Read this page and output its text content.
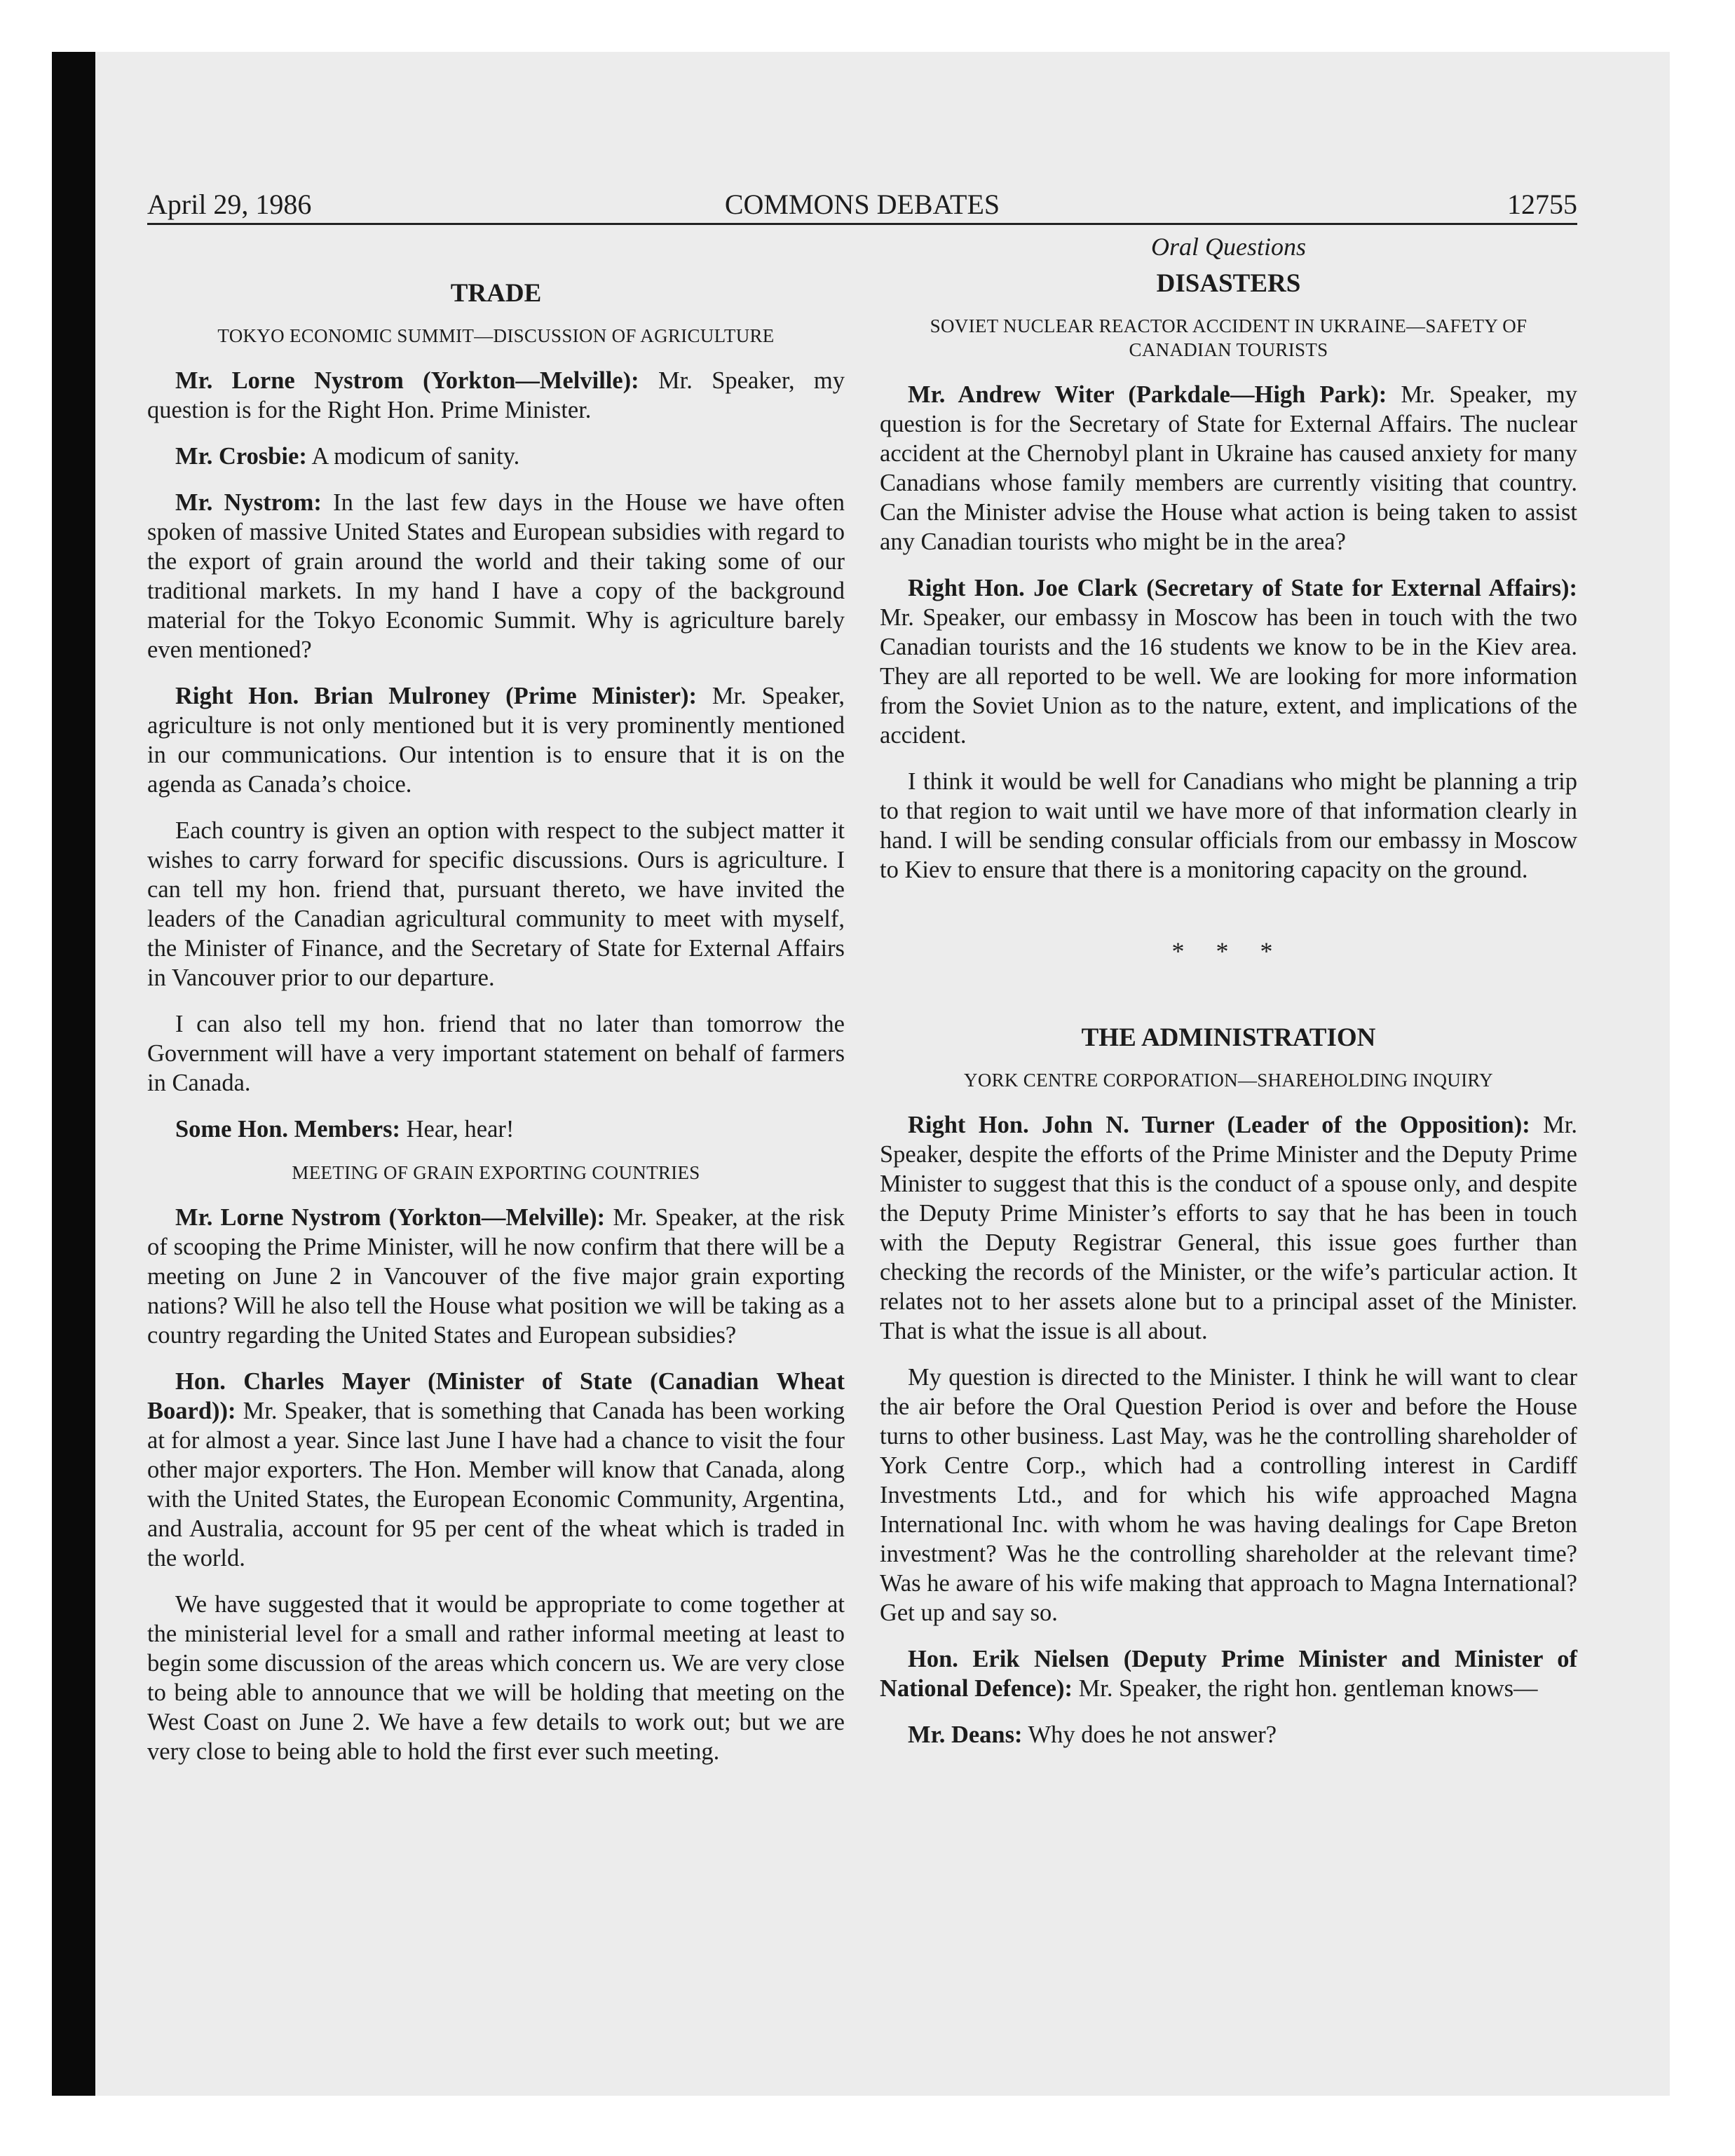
April 29, 1986	COMMONS DEBATES	12755
TRADE
TOKYO ECONOMIC SUMMIT—DISCUSSION OF AGRICULTURE

Mr. Lorne Nystrom (Yorkton—Melville): Mr. Speaker, my question is for the Right Hon. Prime Minister.

Mr. Crosbie: A modicum of sanity.

Mr. Nystrom: In the last few days in the House we have often spoken of massive United States and European subsidies with regard to the export of grain around the world and their taking some of our traditional markets. In my hand I have a copy of the background material for the Tokyo Economic Summit. Why is agriculture barely even mentioned?

Right Hon. Brian Mulroney (Prime Minister): Mr. Speaker, agriculture is not only mentioned but it is very prominently mentioned in our communications. Our intention is to ensure that it is on the agenda as Canada’s choice.

Each country is given an option with respect to the subject matter it wishes to carry forward for specific discussions. Ours is agriculture. I can tell my hon. friend that, pursuant thereto, we have invited the leaders of the Canadian agricultural community to meet with myself, the Minister of Finance, and the Secretary of State for External Affairs in Vancouver prior to our departure.

I can also tell my hon. friend that no later than tomorrow the Government will have a very important statement on behalf of farmers in Canada.

Some Hon. Members: Hear, hear!

MEETING OF GRAIN EXPORTING COUNTRIES

Mr. Lorne Nystrom (Yorkton—Melville): Mr. Speaker, at the risk of scooping the Prime Minister, will he now confirm that there will be a meeting on June 2 in Vancouver of the five major grain exporting nations? Will he also tell the House what position we will be taking as a country regarding the United States and European subsidies?

Hon. Charles Mayer (Minister of State (Canadian Wheat Board)): Mr. Speaker, that is something that Canada has been working at for almost a year. Since last June I have had a chance to visit the four other major exporters. The Hon. Member will know that Canada, along with the United States, the European Economic Community, Argentina, and Australia, account for 95 per cent of the wheat which is traded in the world.

We have suggested that it would be appropriate to come together at the ministerial level for a small and rather informal meeting at least to begin some discussion of the areas which concern us. We are very close to being able to announce that we will be holding that meeting on the West Coast on June 2. We have a few details to work out; but we are very close to being able to hold the first ever such meeting.

Oral Questions
DISASTERS
SOVIET NUCLEAR REACTOR ACCIDENT IN UKRAINE—SAFETY OF CANADIAN TOURISTS

Mr. Andrew Witer (Parkdale—High Park): Mr. Speaker, my question is for the Secretary of State for External Affairs. The nuclear accident at the Chernobyl plant in Ukraine has caused anxiety for many Canadians whose family members are currently visiting that country. Can the Minister advise the House what action is being taken to assist any Canadian tourists who might be in the area?

Right Hon. Joe Clark (Secretary of State for External Affairs): Mr. Speaker, our embassy in Moscow has been in touch with the two Canadian tourists and the 16 students we know to be in the Kiev area. They are all reported to be well. We are looking for more information from the Soviet Union as to the nature, extent, and implications of the accident.

I think it would be well for Canadians who might be planning a trip to that region to wait until we have more of that information clearly in hand. I will be sending consular officials from our embassy in Moscow to Kiev to ensure that there is a monitoring capacity on the ground.

* * *
THE ADMINISTRATION
YORK CENTRE CORPORATION—SHAREHOLDING INQUIRY

Right Hon. John N. Turner (Leader of the Opposition): Mr. Speaker, despite the efforts of the Prime Minister and the Deputy Prime Minister to suggest that this is the conduct of a spouse only, and despite the Deputy Prime Minister’s efforts to say that he has been in touch with the Deputy Registrar General, this issue goes further than checking the records of the Minister, or the wife’s particular action. It relates not to her assets alone but to a principal asset of the Minister. That is what the issue is all about.

My question is directed to the Minister. I think he will want to clear the air before the Oral Question Period is over and before the House turns to other business. Last May, was he the controlling shareholder of York Centre Corp., which had a controlling interest in Cardiff Investments Ltd., and for which his wife approached Magna International Inc. with whom he was having dealings for Cape Breton investment? Was he the controlling shareholder at the relevant time? Was he aware of his wife making that approach to Magna International? Get up and say so.

Hon. Erik Nielsen (Deputy Prime Minister and Minister of National Defence): Mr. Speaker, the right hon. gentleman knows—

Mr. Deans: Why does he not answer?
